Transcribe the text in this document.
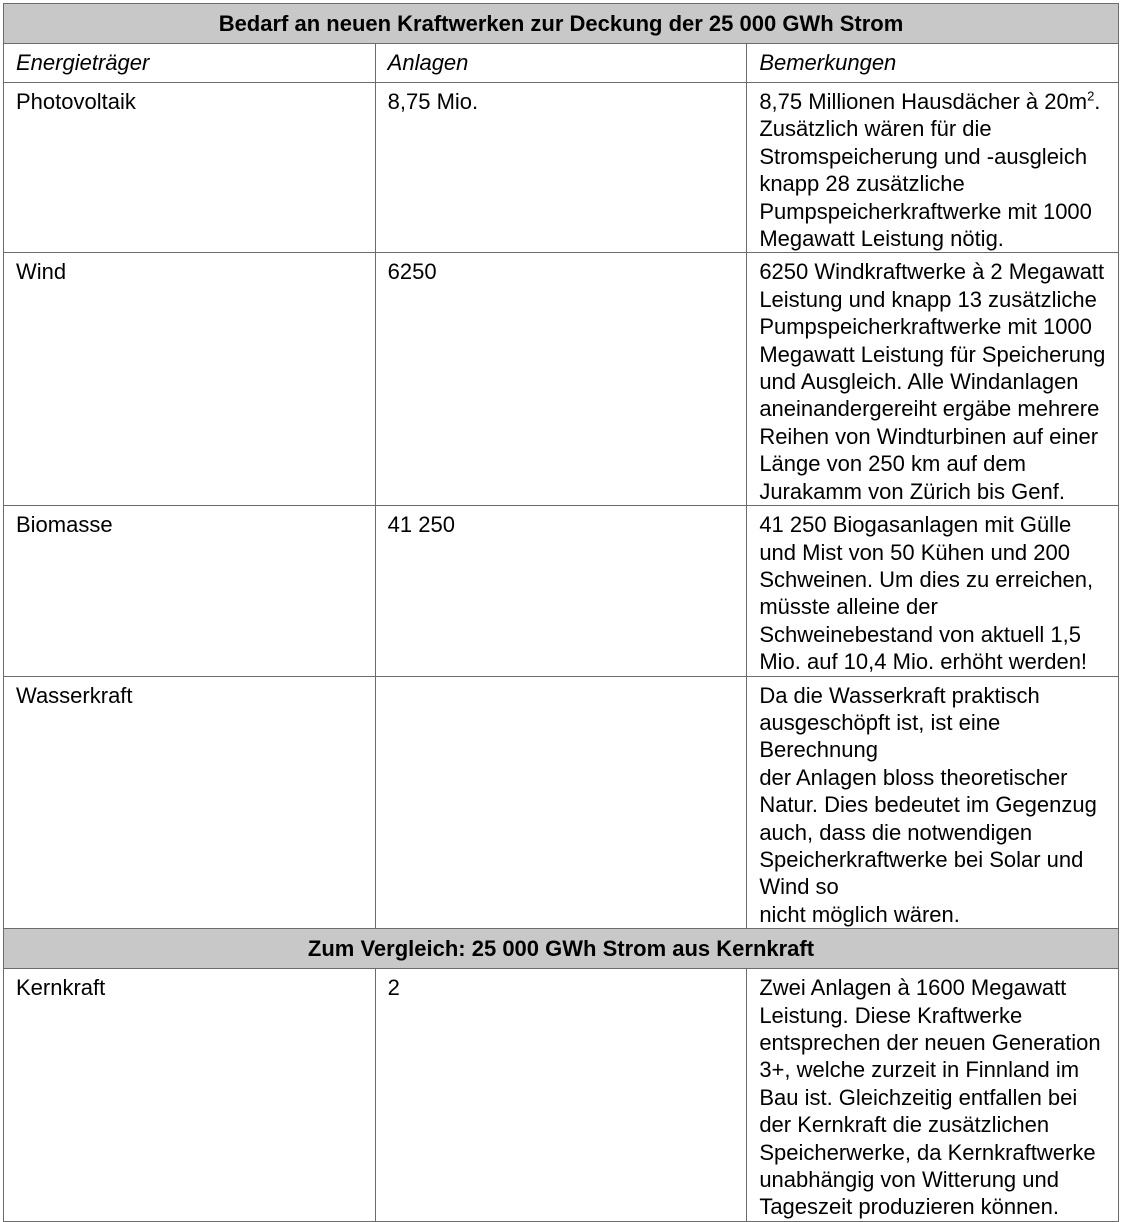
Bedarf an neuen Kraftwerken zur Deckung der 25 000 GWh Strom		
Energieträger	Anlagen	Bemerkungen
Photovoltaik	8,75 Mio.	8,75 Millionen Hausdächer à $20m^2$. Zusätzlich wären für die
Stromspeicherung und -ausgleich knapp 28 zusätzliche
Pumpspeicherkraftwerke mit 1000 Megawatt Leistung nötig.
Wind	6250	6250 Windkraftwerke à 2 Megawatt Leistung und knapp 13 zusätzliche
Pumpspeicherkraftwerke mit 1000 Megawatt Leistung für Speicherung
und Ausgleich. Alle Windanlagen aneinandergereiht ergäbe mehrere
Reihen von Windturbinen auf einer Länge von 250 km auf dem
Jurakamm von Zürich bis Genf.
Biomasse	41 250	41 250 Biogasanlagen mit Gülle und Mist von 50 Kühen und 200
Schweinen. Um dies zu erreichen, müsste alleine der
Schweinebestand von aktuell 1,5 Mio. auf 10,4 Mio. erhöht werden!
Wasserkraft		Da die Wasserkraft praktisch ausgeschöpft ist, ist eine Berechnung
der Anlagen bloss theoretischer Natur. Dies bedeutet im Gegenzug
auch, dass die notwendigen Speicherkraftwerke bei Solar und Wind so
nicht möglich wären.
Zum Vergleich: 25 000 GWh Strom aus Kernkraft		
Kernkraft	2	Zwei Anlagen à 1600 Megawatt Leistung. Diese Kraftwerke
entsprechen der neuen Generation 3+, welche zurzeit in Finnland im
Bau ist. Gleichzeitig entfallen bei der Kernkraft die zusätzlichen
Speicherwerke, da Kernkraftwerke unabhängig von Witterung und
Tageszeit produzieren können.
